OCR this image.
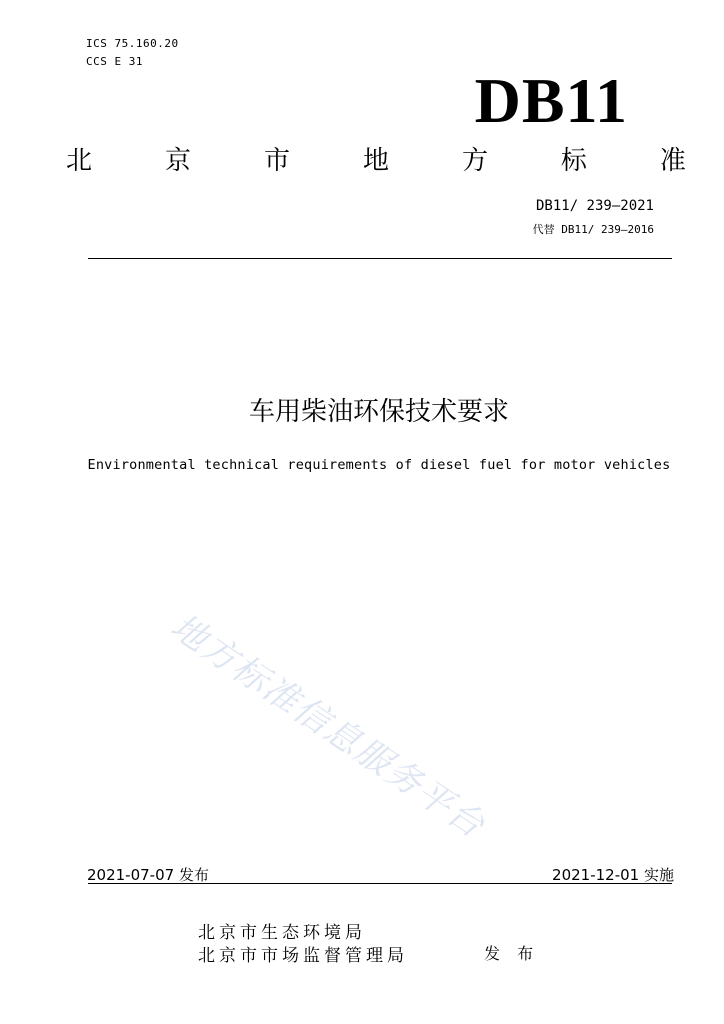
ICS 75.160.20
CCS E 31
DB11
北	京	市	地	方	标	准
DB11/ 239—2021
代替 DB11/ 239—2016
车用柴油环保技术要求
Environmental technical requirements of diesel fuel for motor vehicles
地方标准信息服务平台
2021-07-07 发布	2021-12-01 实施
北京市生态环境局
北京市市场监督管理局	发 布
